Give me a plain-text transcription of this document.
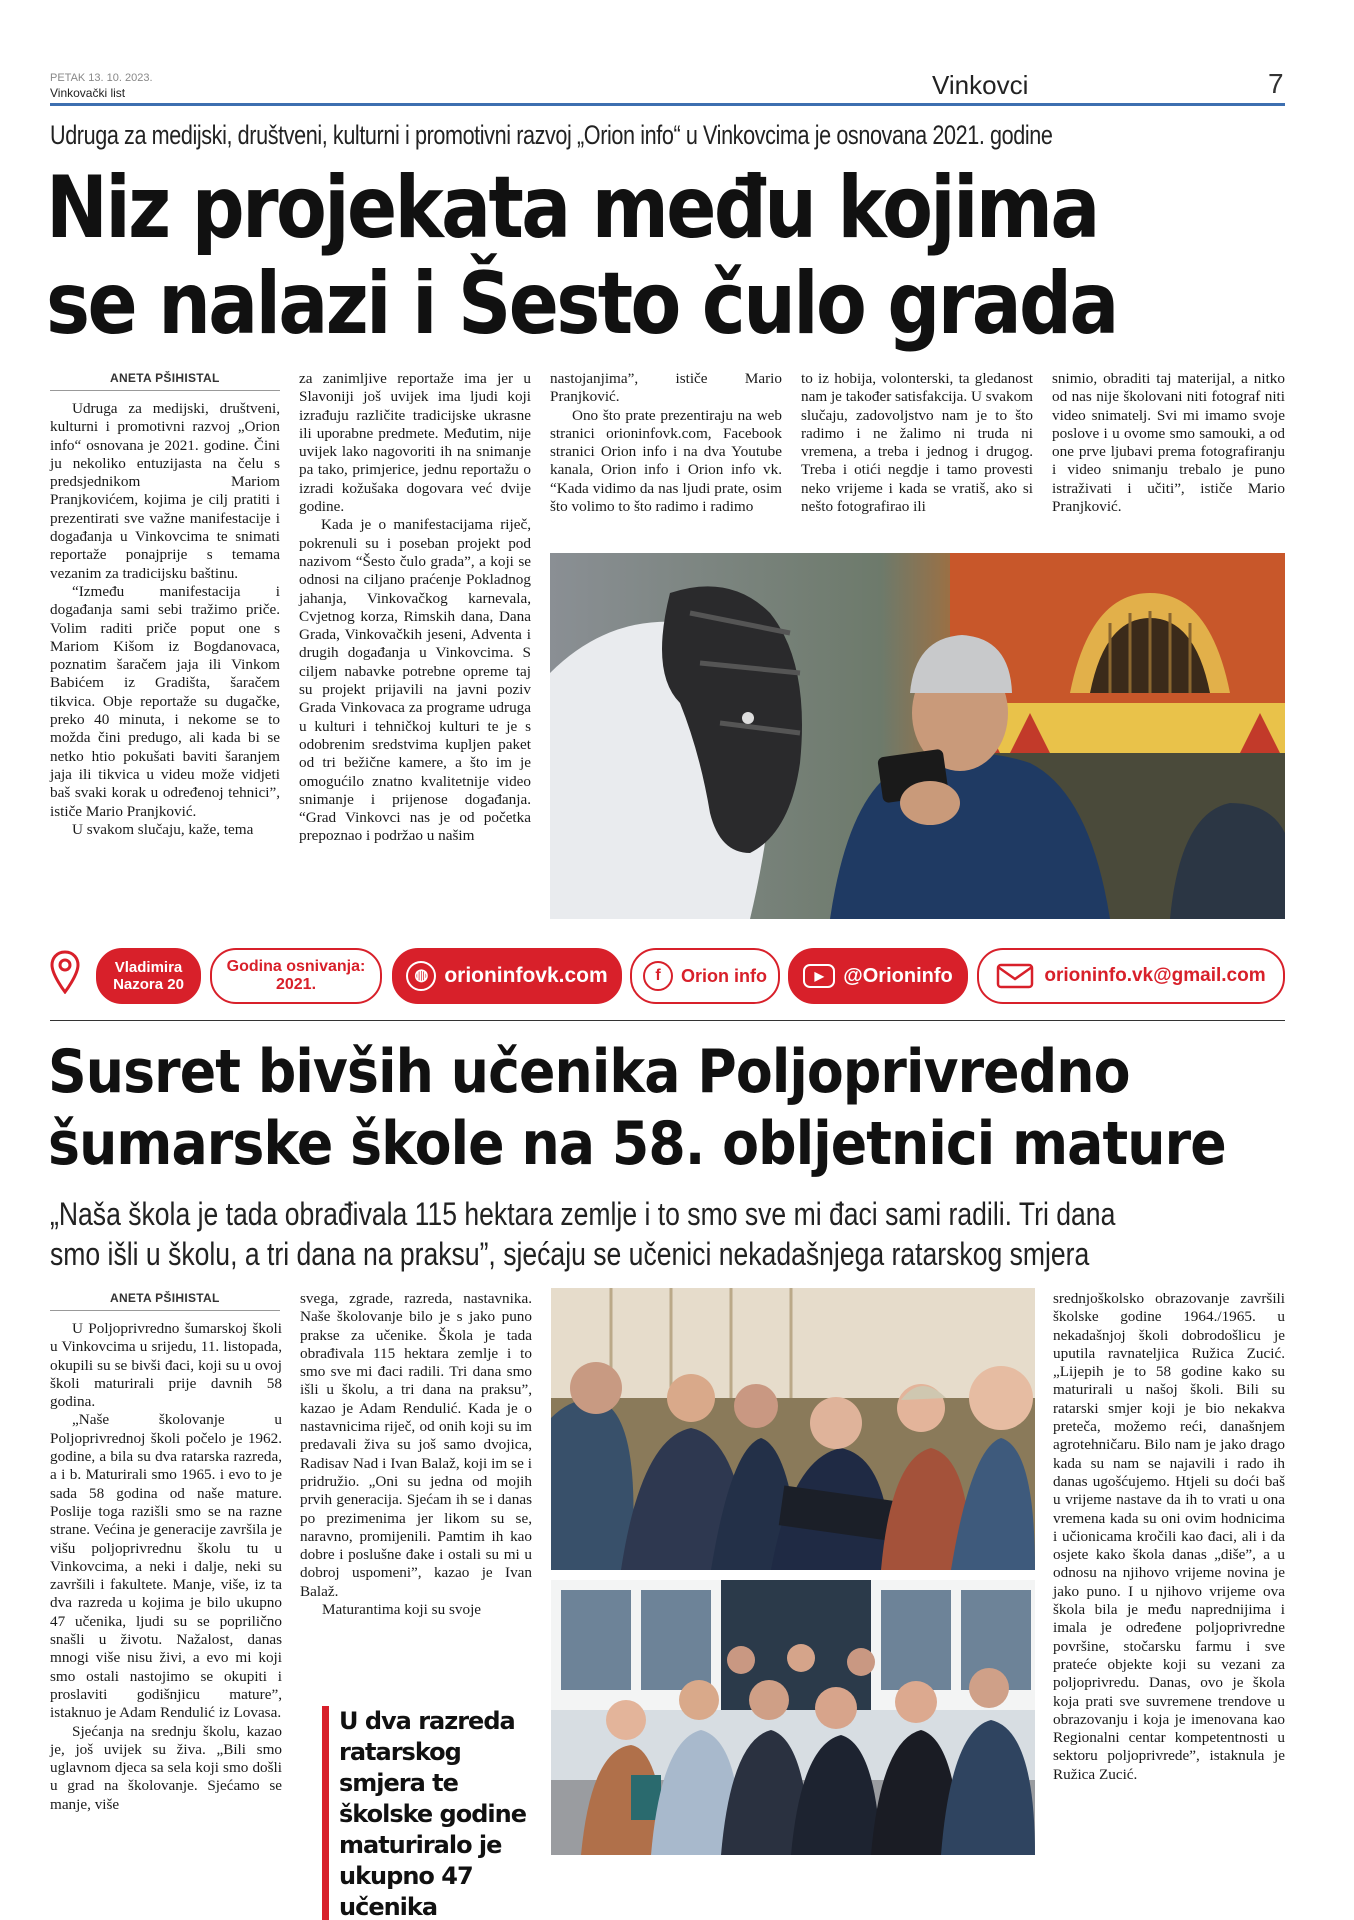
PETAK 13. 10. 2023.
Vinkovački list	Vinkovci	7
Udruga za medijski, društveni, kulturni i promotivni razvoj „Orion info“ u Vinkovcima je osnovana 2021. godine
Niz projekata među kojima
se nalazi i Šesto čulo grada
ANETA PŠIHISTAL

Udruga za medijski, društveni, kulturni i promotivni razvoj „Orion info“ osnovana je 2021. godine. Čini ju nekoliko entuzijasta na čelu s predsjednikom Mariom Pranjkovićem, kojima je cilj pratiti i prezentirati sve važne manifestacije i događanja u Vinkovcima te snimati reportaže ponajprije s temama vezanim za tradicijsku baštinu.

“Između manifestacija i događanja sami sebi tražimo priče. Volim raditi priče poput one s Mariom Kišom iz Bogdanovaca, poznatim šaračem jaja ili Vinkom Babićem iz Gradišta, šaračem tikvica. Obje reportaže su dugačke, preko 40 minuta, i nekome se to možda čini predugo, ali kada bi se netko htio pokušati baviti šaranjem jaja ili tikvica u videu može vidjeti baš svaki korak u određenoj tehnici”, ističe Mario Pranjković.

U svakom slučaju, kaže, tema

za zanimljive reportaže ima jer u Slavoniji još uvijek ima ljudi koji izrađuju različite tradicijske ukrasne ili uporabne predmete. Međutim, nije uvijek lako nagovoriti ih na snimanje pa tako, primjerice, jednu reportažu o izradi kožušaka dogovara već dvije godine.

Kada je o manifestacijama riječ, pokrenuli su i poseban projekt pod nazivom “Šesto čulo grada”, a koji se odnosi na ciljano praćenje Pokladnog jahanja, Vinkovačkog karnevala, Cvjetnog korza, Rimskih dana, Dana Grada, Vinkovačkih jeseni, Adventa i drugih događanja u Vinkovcima. S ciljem nabavke potrebne opreme taj su projekt prijavili na javni poziv Grada Vinkovaca za programe udruga u kulturi i tehničkoj kulturi te je s odobrenim sredstvima kupljen paket od tri bežične kamere, a što im je omogućilo znatno kvalitetnije video snimanje i prijenose događanja. “Grad Vinkovci nas je od početka prepoznao i podržao u našim

nastojanjima”, ističe Mario Pranjković.

Ono što prate prezentiraju na web stranici orioninfovk.com, Facebook stranici Orion info i na dva Youtube kanala, Orion info i Orion info vk. “Kada vidimo da nas ljudi prate, osim što volimo to što radimo i radimo

to iz hobija, volonterski, ta gledanost nam je također satisfakcija. U svakom slučaju, zadovoljstvo nam je to što radimo i ne žalimo ni truda ni vremena, a treba i jednog i drugog. Treba i otići negdje i tamo provesti neko vrijeme i kada se vratiš, ako si nešto fotografirao ili

snimio, obraditi taj materijal, a nitko od nas nije školovani niti fotograf niti video snimatelj. Svi mi imamo svoje poslove i u ovome smo samouki, a od one prve ljubavi prema fotografiranju i video snimanju trebalo je puno istraživati i učiti”, ističe Mario Pranjković.

Vladimira Nazora 20
Godina osnivanja: 2021.
◍ orioninfovk.com	f	Orion info	▶ @Orioninfo	orioninfo.vk@gmail.com
Susret bivših učenika Poljoprivredno
šumarske škole na 58. obljetnici mature
„Naša škola je tada obrađivala 115 hektara zemlje i to smo sve mi đaci sami radili. Tri dana
smo išli u školu, a tri dana na praksu”, sjećaju se učenici nekadašnjega ratarskog smjera
ANETA PŠIHISTAL

U Poljoprivredno šumarskoj školi u Vinkovcima u srijedu, 11. listopada, okupili su se bivši đaci, koji su u ovoj školi maturirali prije davnih 58 godina.

„Naše školovanje u Poljoprivrednoj školi počelo je 1962. godine, a bila su dva ratarska razreda, a i b. Maturirali smo 1965. i evo to je sada 58 godina od naše mature. Poslije toga razišli smo se na razne strane. Većina je generacije završila je višu poljoprivrednu školu tu u Vinkovcima, a neki i dalje, neki su završili i fakultete. Manje, više, iz ta dva razreda u kojima je bilo ukupno 47 učenika, ljudi su se poprilično snašli u životu. Nažalost, danas mnogi više nisu živi, a evo mi koji smo ostali nastojimo se okupiti i proslaviti godišnjicu mature”, istaknuo je Adam Rendulić iz Lovasa.

Sjećanja na srednju školu, kazao je, još uvijek su živa. „Bili smo uglavnom djeca sa sela koji smo došli u grad na školovanje. Sjećamo se manje, više

svega, zgrade, razreda, nastavnika. Naše školovanje bilo je s jako puno prakse za učenike. Škola je tada obrađivala 115 hektara zemlje i to smo sve mi đaci radili. Tri dana smo išli u školu, a tri dana na praksu”, kazao je Adam Rendulić. Kada je o nastavnicima riječ, od onih koji su im predavali živa su još samo dvojica, Radisav Nad i Ivan Balaž, koji im se i pridružio. „Oni su jedna od mojih prvih generacija. Sjećam ih se i danas po prezimenima jer likom su se, naravno, promijenili. Pamtim ih kao dobre i poslušne đake i ostali su mi u dobroj uspomeni”, kazao je Ivan Balaž.

Maturantima koji su svoje

U dva razreda ratarskog smjera te školske godine maturiralo je ukupno 47 učenika

srednjoškolsko obrazovanje završili školske godine 1964./1965. u nekadašnjoj školi dobrodošlicu je uputila ravnateljica Ružica Zucić. „Lijepih je to 58 godine kako su maturirali u našoj školi. Bili su ratarski smjer koji je bio nekakva preteča, možemo reći, današnjem agrotehničaru. Bilo nam je jako drago kada su nam se najavili i rado ih danas ugošćujemo. Htjeli su doći baš u vrijeme nastave da ih to vrati u ona vremena kada su oni ovim hodnicima i učionicama kročili kao đaci, ali i da osjete kako škola danas „diše”, a u odnosu na njihovo vrijeme novina je jako puno. I u njihovo vrijeme ova škola bila je među naprednijima i imala je određene poljoprivredne površine, stočarsku farmu i sve prateće objekte koji su vezani za poljoprivredu. Danas, ovo je škola koja prati sve suvremene trendove u obrazovanju i koja je imenovana kao Regionalni centar kompetentnosti u sektoru poljoprivrede”, istaknula je Ružica Zucić.
